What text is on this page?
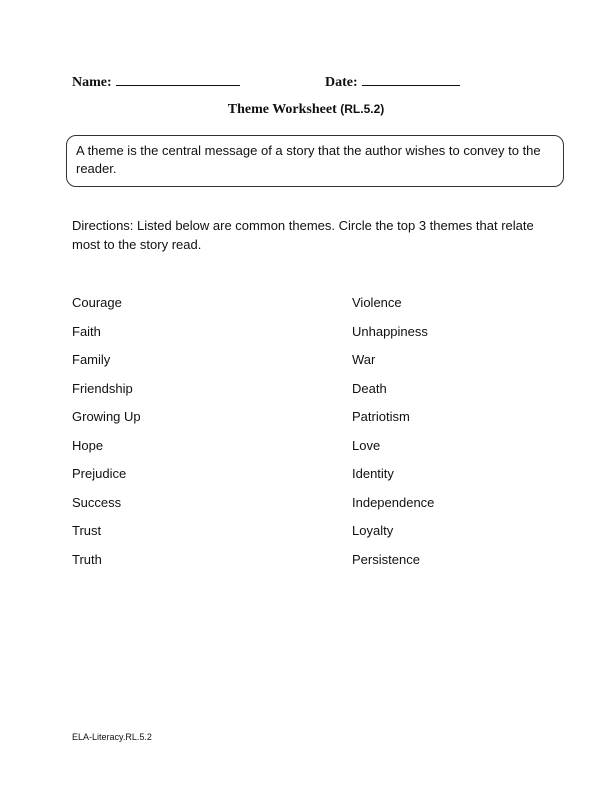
Name:	Date:
Theme Worksheet (RL.5.2)
A theme is the central message of a story that the author wishes to convey to the reader.
Directions: Listed below are common themes. Circle the top 3 themes that relate most to the story read.
Courage
Faith
Family
Friendship
Growing Up
Hope
Prejudice
Success
Trust
Truth
Violence
Unhappiness
War
Death
Patriotism
Love
Identity
Independence
Loyalty
Persistence
ELA-Literacy.RL.5.2
